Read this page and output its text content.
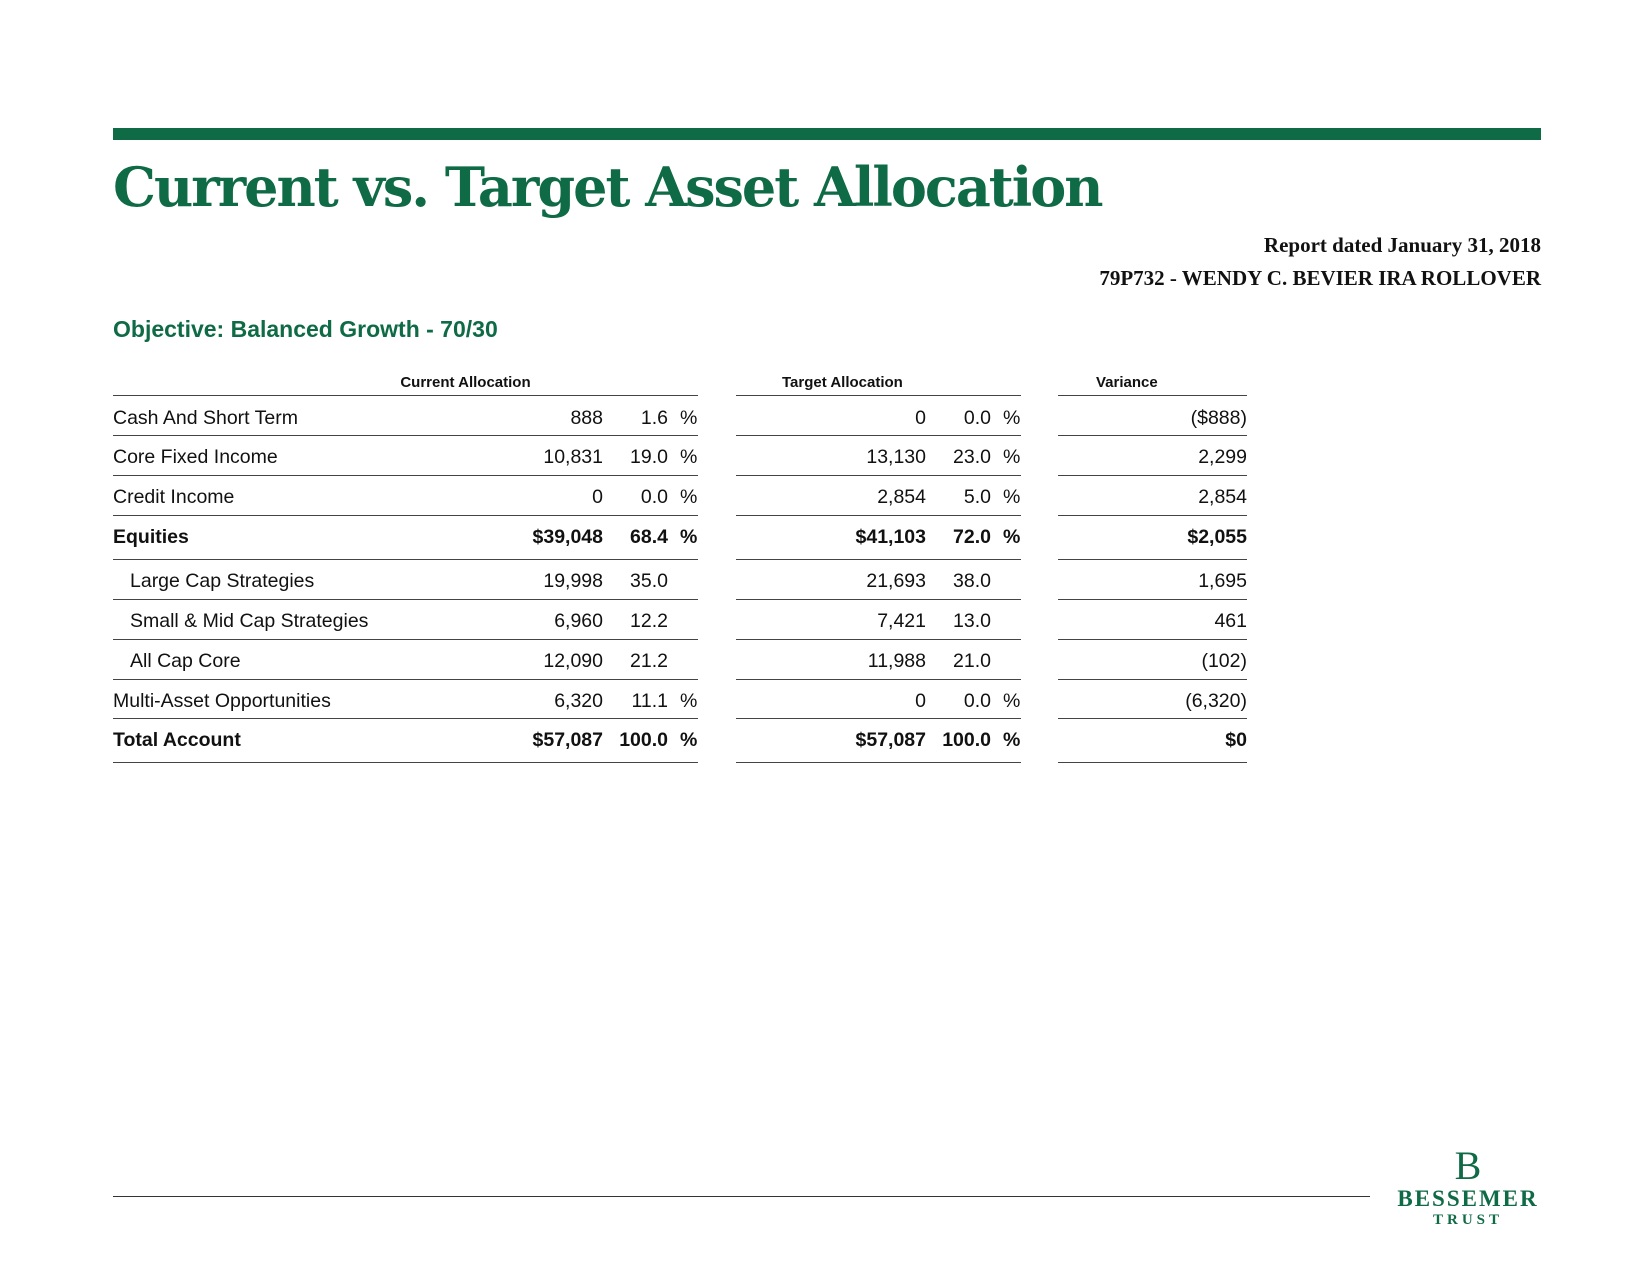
Current vs. Target Asset Allocation
Report dated January 31, 2018
79P732 - WENDY C. BEVIER IRA ROLLOVER
Objective: Balanced Growth - 70/30
Current Allocation	Target Allocation	Variance
Cash And Short Term	888 1.6 %	0 0.0 %	($888)
Core Fixed Income	10,831 19.0 %	13,130 23.0 %	2,299
Credit Income	0 0.0 %	2,854 5.0 %	2,854
Equities	$39,048 68.4 %	$41,103 72.0 %	$2,055
Large Cap Strategies	19,998 35.0	21,693 38.0	1,695
Small & Mid Cap Strategies	6,960 12.2	7,421 13.0	461
All Cap Core	12,090 21.2	11,988 21.0	(102)
Multi-Asset Opportunities	6,320 11.1 %	0 0.0 %	(6,320)
Total Account	$57,087 100.0 %	$57,087 100.0 %	$0
B
BESSEMER
TRUST
